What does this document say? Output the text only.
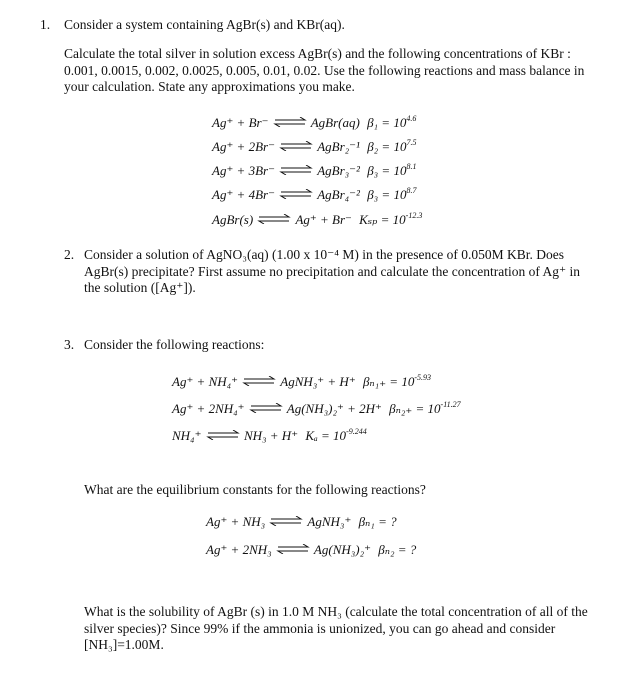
1.	Consider a system containing AgBr(s) and KBr(aq).

Calculate the total silver in solution excess AgBr(s) and the following concentrations of KBr : 0.001, 0.0015, 0.002, 0.0025, 0.005, 0.01, 0.02. Use the following reactions and mass balance in your calculation. State any approximations you make.

Ag⁺ + Br⁻ ⇌ AgBr(aq) $\beta_1 = 10^{4.6}$
Ag⁺ + 2Br⁻ ⇌ AgBr₂⁻¹ $\beta_2 = 10^{7.5}$
Ag⁺ + 3Br⁻ ⇌ AgBr₃⁻² $\beta_3 = 10^{8.1}$
Ag⁺ + 4Br⁻ ⇌ AgBr₄⁻² $\beta_3 = 10^{8.7}$
AgBr(s) ⇌ Ag⁺ + Br⁻ $K_{sp} = 10^{-12.3}$
2. Consider a solution of AgNO₃(aq) (1.00 x 10⁻⁴ M) in the presence of 0.050M KBr. Does AgBr(s) precipitate? First assume no precipitation and calculate the concentration of Ag⁺ in the solution ([Ag⁺]).

3. Consider the following reactions:

Ag⁺ + NH₄⁺ ⇌ AgNH₃⁺ + H⁺ $\beta_{n1+} = 10^{-5.93}$
Ag⁺ + 2NH₄⁺ ⇌ Ag(NH₃)₂⁺ + 2H⁺ $\beta_{n2+} = 10^{-11.27}$
NH₄⁺ ⇌ NH₃ + H⁺ $K_a = 10^{-9.244}$

What are the equilibrium constants for the following reactions?

Ag⁺ + NH₃ ⇌ AgNH₃⁺ βₙ₁ = ?
Ag⁺ + 2NH₃ ⇌ Ag(NH₃)₂⁺ βₙ₂ = ?

What is the solubility of AgBr (s) in 1.0 M NH₃ (calculate the total concentration of all of the silver species)? Since 99% if the ammonia is unionized, you can go ahead and consider [NH₃]=1.00M.
